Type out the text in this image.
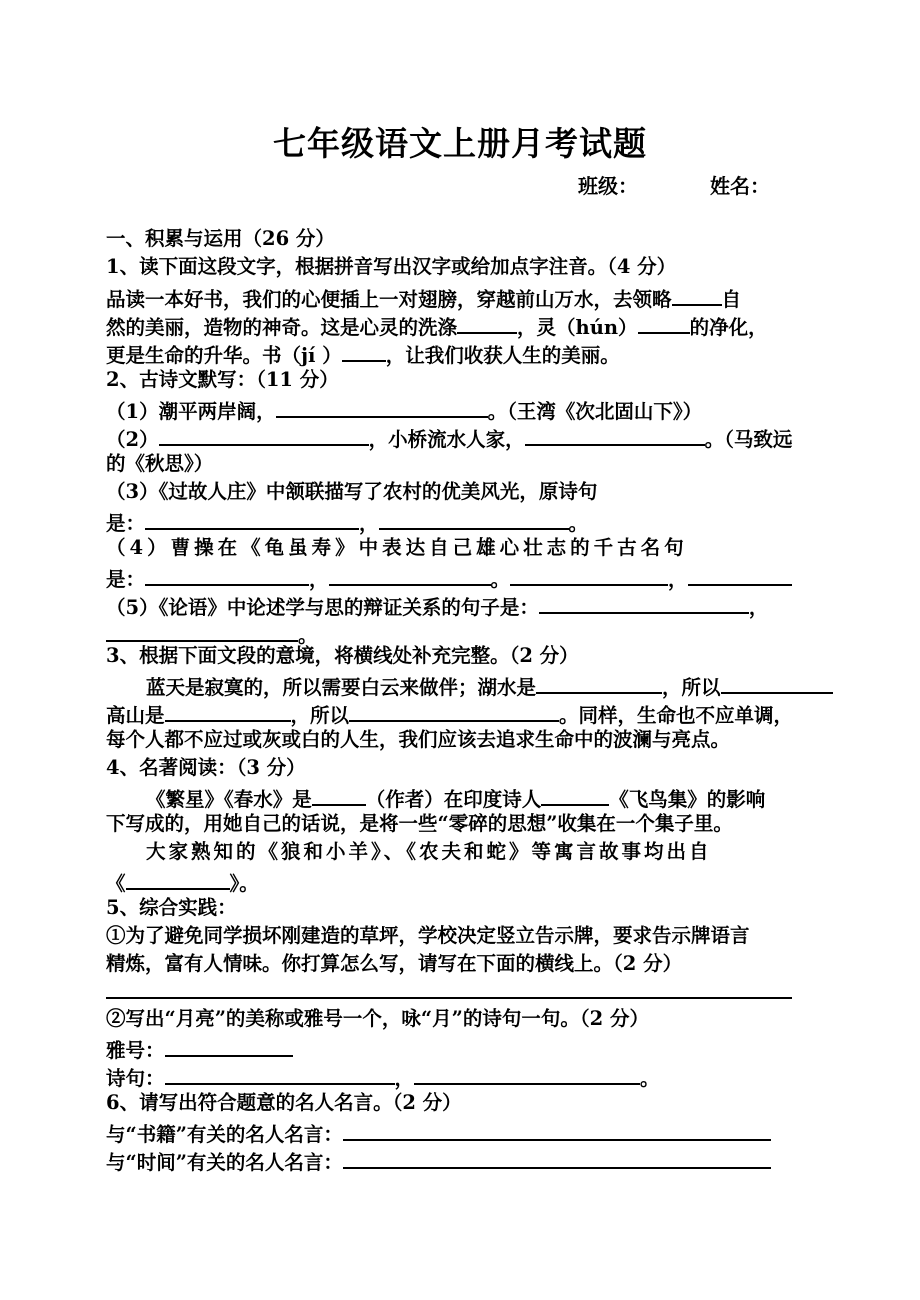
七年级语文上册月考试题
班级：	姓名：
一、积累与运用（26 分）
1、读下面这段文字，根据拼音写出汉字或给加点字注音。（4 分）
品读一本好书，我们的心便插上一对翅膀，穿越前山万水，去领略	自
然的美丽，造物的神奇。这是心灵的洗涤	，灵（hún）	的净化，
更是生命的升华。书（jí ） ，让我们收获人生的美丽。
2、古诗文默写：（11 分）
（1）潮平两岸阔，	。（王湾《次北固山下》）
（2）	，小桥流水人家，	。（马致远
的《秋思》）
（3）《过故人庄》中颔联描写了农村的优美风光，原诗句
是：	，	。
（4）曹操在《龟虽寿》中表达自己雄心壮志的千古名句
是：	，	。	，
（5）《论语》中论述学与思的辩证关系的句子是：	，
。
3、根据下面文段的意境，将横线处补充完整。（2 分）
蓝天是寂寞的，所以需要白云来做伴；湖水是	，所以
高山是	，所以	。同样，生命也不应单调，
每个人都不应过或灰或白的人生，我们应该去追求生命中的波澜与亮点。
4、名著阅读：（3 分）
《繁星》《春水》是	（作者）在印度诗人	《飞鸟集》的影响
下写成的，用她自己的话说，是将一些“零碎的思想”收集在一个集子里。
大家熟知的《狼和小羊》、《农夫和蛇》等寓言故事均出自
《	》。
5、综合实践：
①为了避免同学损坏刚建造的草坪，学校决定竖立告示牌，要求告示牌语言
精炼，富有人情味。你打算怎么写，请写在下面的横线上。（2 分）
②写出“月亮”的美称或雅号一个，咏“月”的诗句一句。（2 分）
雅号：
诗句：	，	。
6、请写出符合题意的名人名言。（2 分）
与“书籍”有关的名人名言：
与“时间”有关的名人名言：
